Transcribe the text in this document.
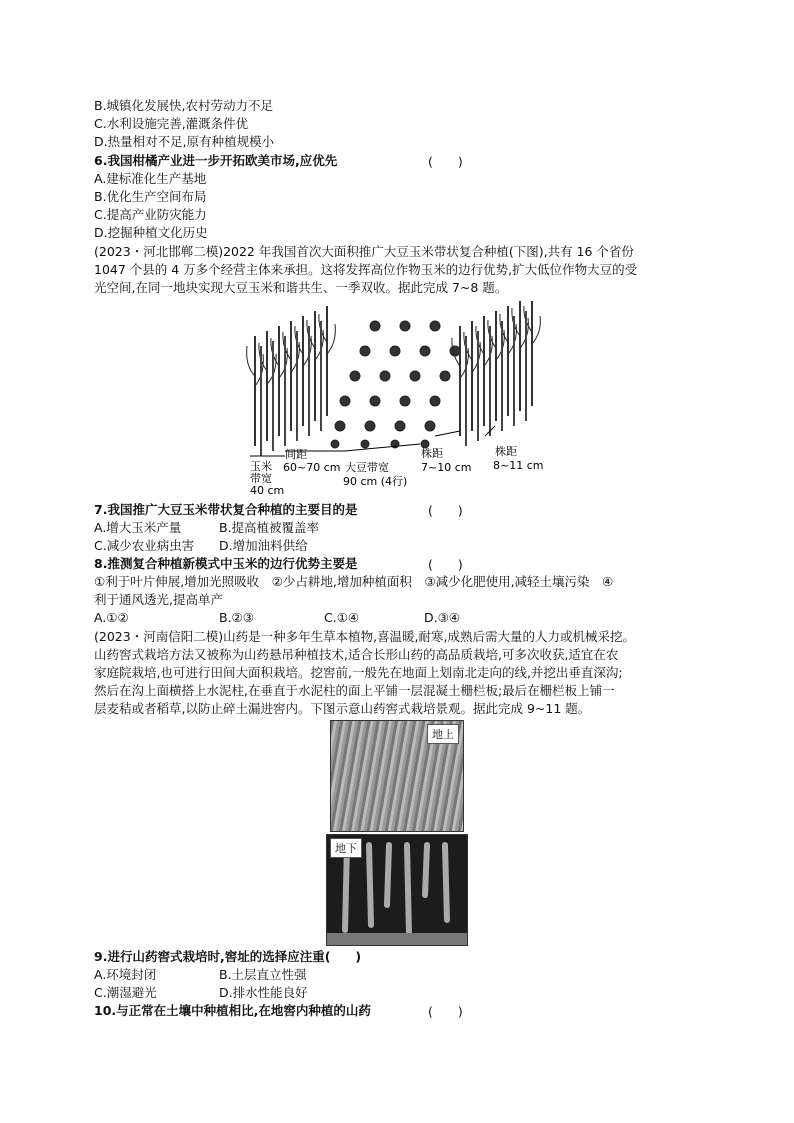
B.城镇化发展快,农村劳动力不足
C.水利设施完善,灌溉条件优
D.热量相对不足,原有种植规模小
6.我国柑橘产业进一步开拓欧美市场,应优先	(　　)
A.建标准化生产基地
B.优化生产空间布局
C.提高产业防灾能力
D.挖掘种植文化历史
(2023・河北邯郸二模)2022 年我国首次大面积推广大豆玉米带状复合种植(下图),共有 16 个省份
1047 个县的 4 万多个经营主体来承担。这将发挥高位作物玉米的边行优势,扩大低位作物大豆的受
光空间,在同一地块实现大豆玉米和谐共生、一季双收。据此完成 7~8 题。
玉米
带宽
40 cm
间距
60~70 cm 大豆带宽
90 cm (4行)
株距
7~10 cm
株距
8~11 cm
7.我国推广大豆玉米带状复合种植的主要目的是	(　　)
A.增大玉米产量	B.提高植被覆盖率
C.减少农业病虫害 D.增加油料供给
8.推测复合种植新模式中玉米的边行优势主要是	(　　)
①利于叶片伸展,增加光照吸收　②少占耕地,增加种植面积　③减少化肥使用,减轻土壤污染　④
利于通风透光,提高单产
A.①②	B.②③	C.①④	D.③④
(2023・河南信阳二模)山药是一种多年生草本植物,喜温暖,耐寒,成熟后需大量的人力或机械采挖。
山药窖式栽培方法又被称为山药悬吊种植技术,适合长形山药的高品质栽培,可多次收获,适宜在农
家庭院栽培,也可进行田间大面积栽培。挖窖前,一般先在地面上划南北走向的线,并挖出垂直深沟;
然后在沟上面横搭上水泥柱,在垂直于水泥柱的面上平铺一层混凝土栅栏板;最后在栅栏板上铺一
层麦秸或者稻草,以防止碎土漏进窖内。下图示意山药窖式栽培景观。据此完成 9~11 题。
地上
地下
9.进行山药窖式栽培时,窖址的选择应注重(　　)
A.环境封闭	B.土层直立性强
C.潮湿避光	D.排水性能良好
10.与正常在土壤中种植相比,在地窖内种植的山药	(　　)
